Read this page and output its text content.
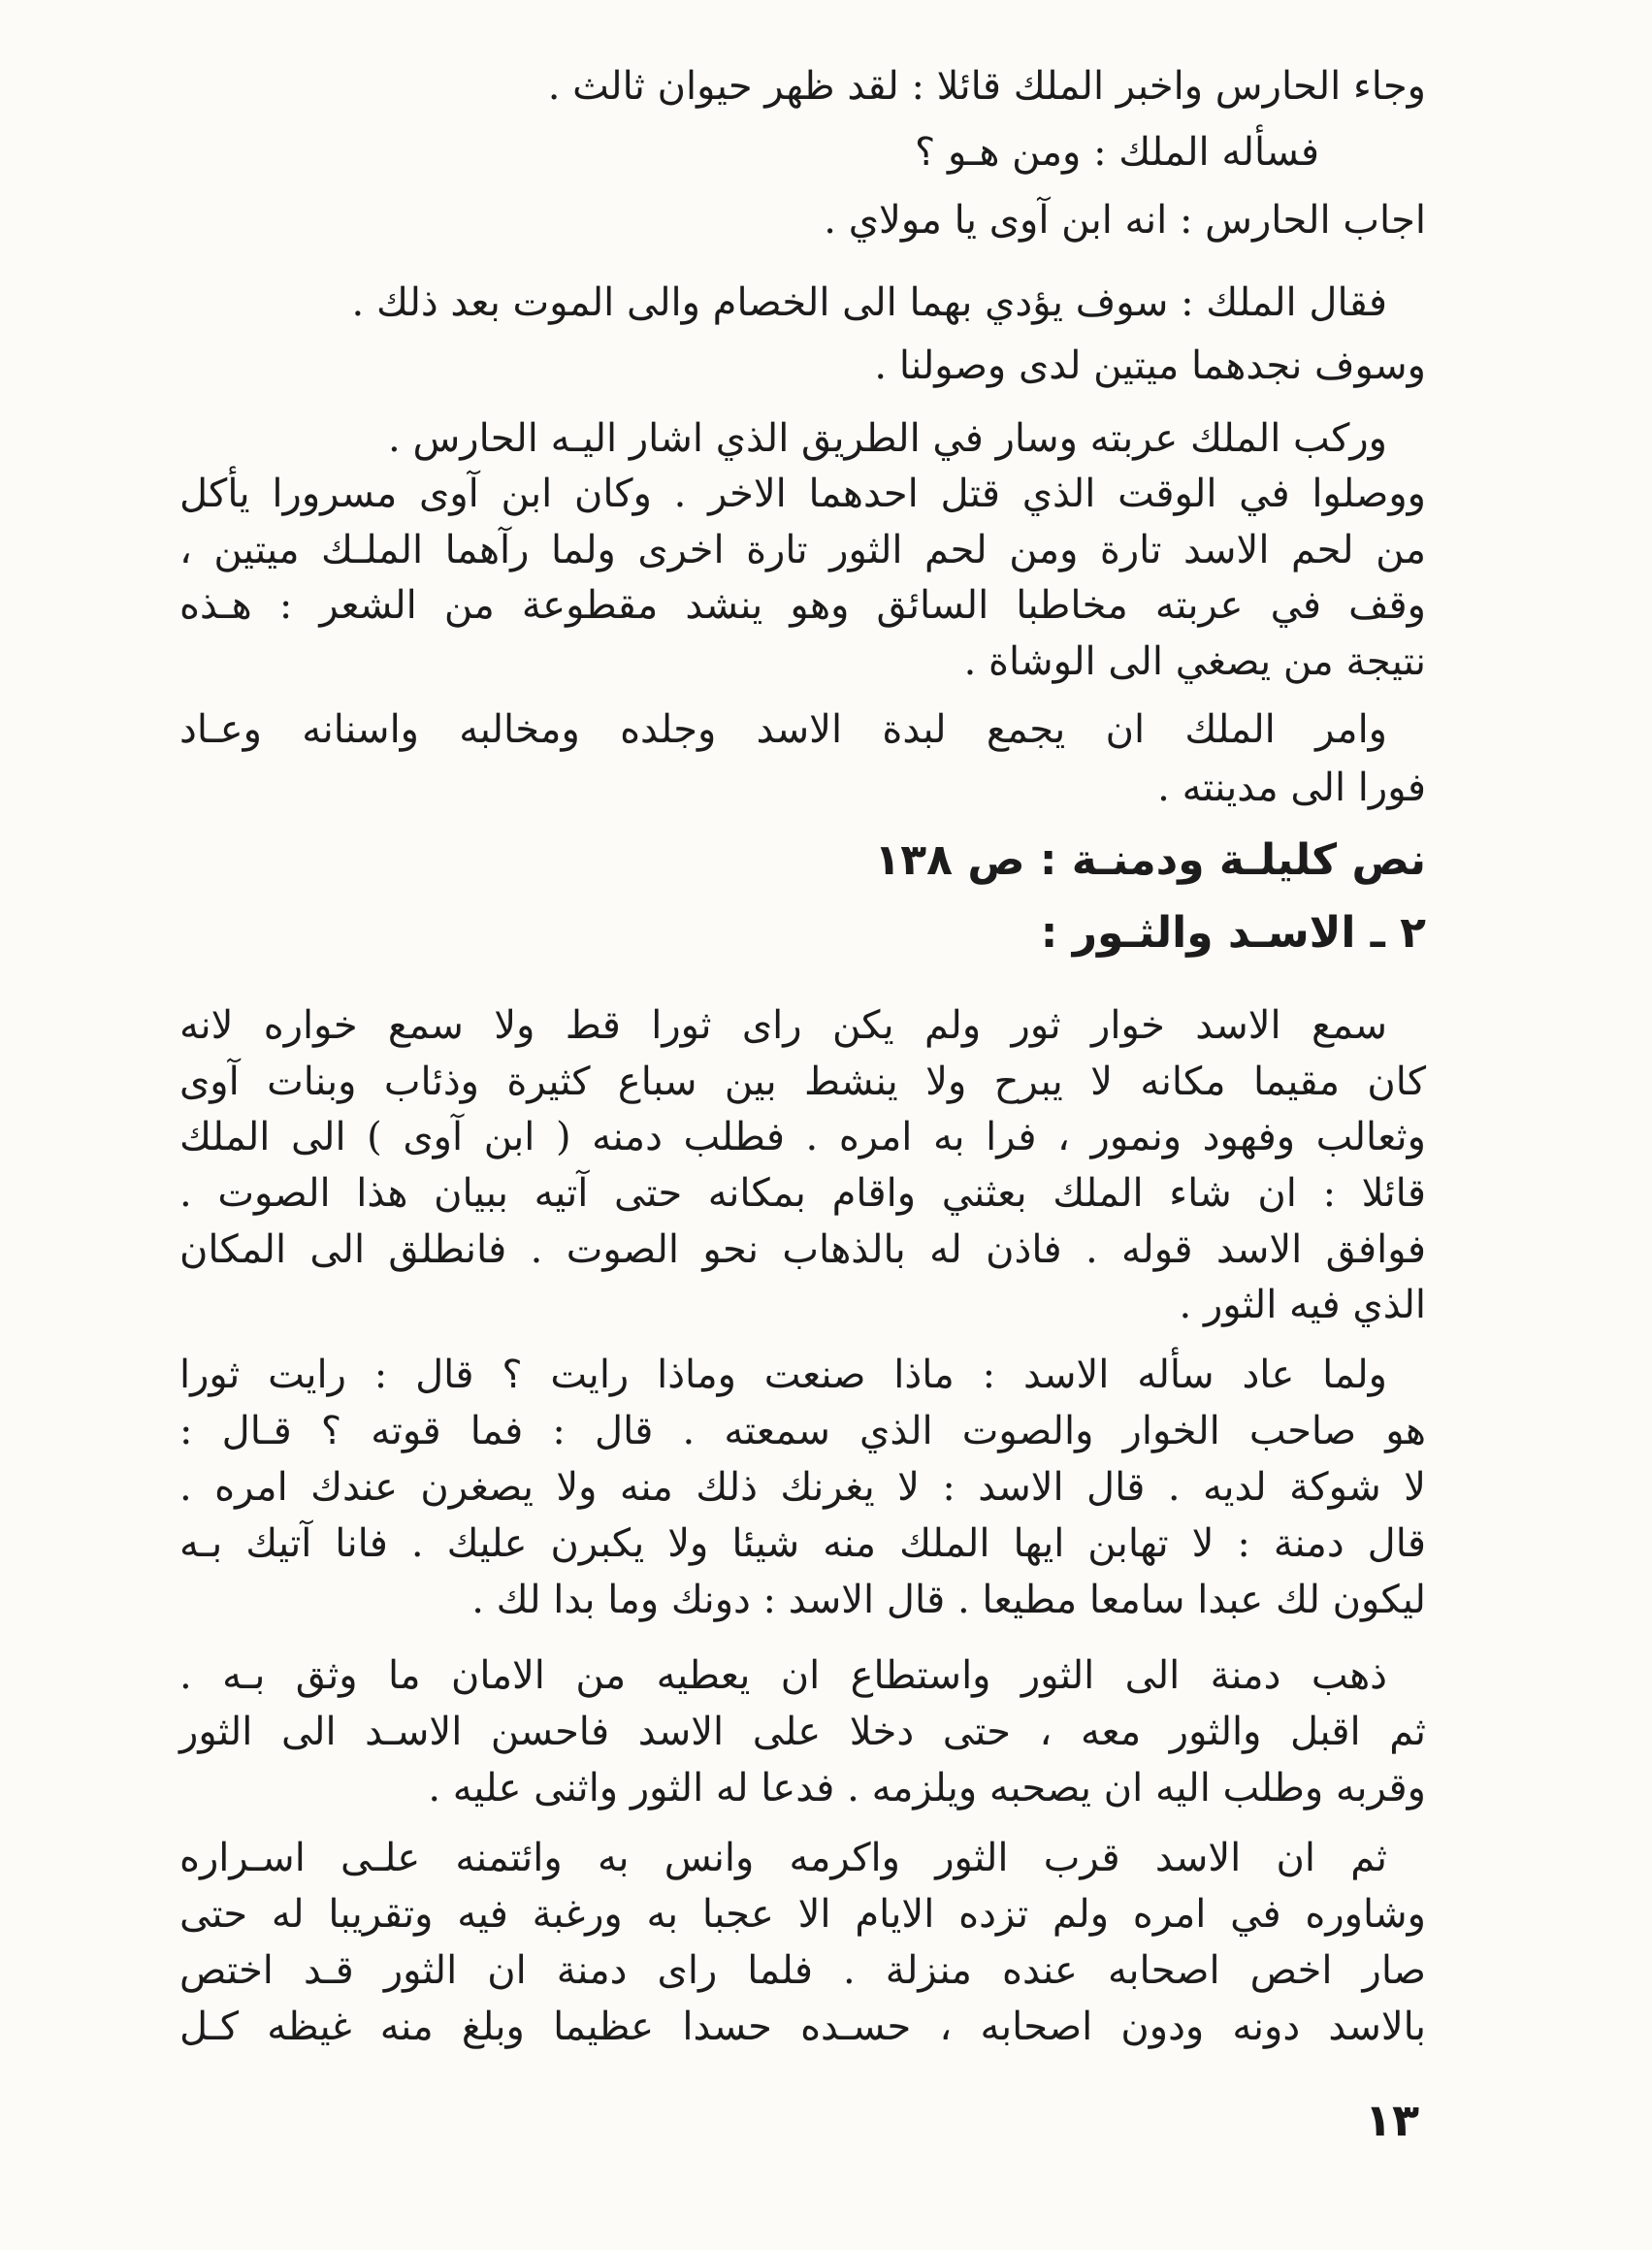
وجاء الحارس واخبر الملك قائلا : لقد ظهر حيوان ثالث .
فسأله الملك : ومن هـو ؟
اجاب الحارس : انه ابن آوى يا مولاي .
فقال الملك : سوف يؤدي بهما الى الخصام والى الموت بعد ذلك .
وسوف نجدهما ميتين لدى وصولنا .
وركب الملك عربته وسار في الطريق الذي اشار اليـه الحارس .
ووصلوا في الوقت الذي قتل احدهما الاخر . وكان ابن آوى مسرورا يأكل
من لحم الاسد تارة ومن لحم الثور تارة اخرى ولما رآهما الملـك ميتين ،
وقف في عربته مخاطبا السائق وهو ينشد مقطوعة من الشعر : هـذه
نتيجة من يصغي الى الوشاة .
وامر الملك ان يجمع لبدة الاسد وجلده ومخالبه واسنانه وعـاد
فورا الى مدينته .
نص كليلـة ودمنـة : ص ١٣٨
٢ ـ الاسـد والثـور :
سمع الاسد خوار ثور ولم يكن راى ثورا قط ولا سمع خواره لانه
كان مقيما مكانه لا يبرح ولا ينشط بين سباع كثيرة وذئاب وبنات آوى
وثعالب وفهود ونمور ، فرا به امره . فطلب دمنه ( ابن آوى ) الى الملك
قائلا : ان شاء الملك بعثني واقام بمكانه حتى آتيه ببيان هذا الصوت .
فوافق الاسد قوله . فاذن له بالذهاب نحو الصوت . فانطلق الى المكان
الذي فيه الثور .
ولما عاد سأله الاسد : ماذا صنعت وماذا رايت ؟ قال : رايت ثورا
هو صاحب الخوار والصوت الذي سمعته . قال : فما قوته ؟ قـال :
لا شوكة لديه . قال الاسد : لا يغرنك ذلك منه ولا يصغرن عندك امره .
قال دمنة : لا تهابن ايها الملك منه شيئا ولا يكبرن عليك . فانا آتيك بـه
ليكون لك عبدا سامعا مطيعا . قال الاسد : دونك وما بدا لك .
ذهب دمنة الى الثور واستطاع ان يعطيه من الامان ما وثق بـه .
ثم اقبل والثور معه ، حتى دخلا على الاسد فاحسن الاسـد الى الثور
وقربه وطلب اليه ان يصحبه ويلزمه . فدعا له الثور واثنى عليه .
ثم ان الاسد قرب الثور واكرمه وانس به وائتمنه علـى اسـراره
وشاوره في امره ولم تزده الايام الا عجبا به ورغبة فيه وتقريبا له حتى
صار اخص اصحابه عنده منزلة . فلما راى دمنة ان الثور قـد اختص
بالاسد دونه ودون اصحابه ، حسـده حسدا عظيما وبلغ منه غيظه كـل
١٣
